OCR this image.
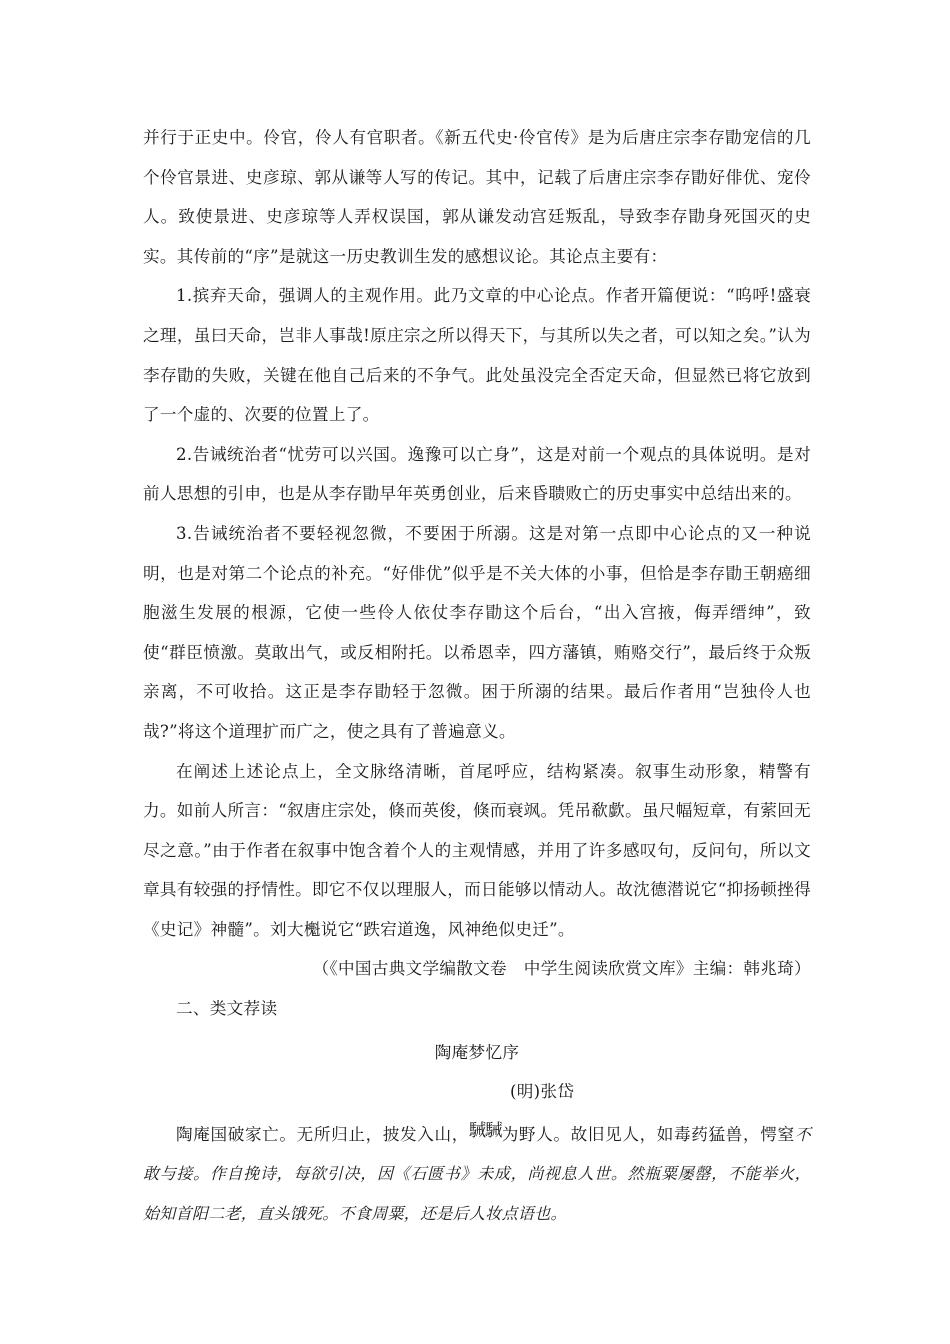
并行于正史中。伶官，伶人有官职者。《新五代史·伶官传》是为后唐庄宗李存勖宠信的几个伶官景进、史彦琼、郭从谦等人写的传记。其中，记载了后唐庄宗李存勖好俳优、宠伶人。致使景进、史彦琼等人弄权误国，郭从谦发动宫廷叛乱，导致李存勖身死国灭的史实。其传前的“序”是就这一历史教训生发的感想议论。其论点主要有：

1.摈弃天命，强调人的主观作用。此乃文章的中心论点。作者开篇便说：“呜呼!盛衰之理，虽曰天命，岂非人事哉!原庄宗之所以得天下，与其所以失之者，可以知之矣。”认为李存勖的失败，关键在他自己后来的不争气。此处虽没完全否定天命，但显然已将它放到了一个虚的、次要的位置上了。

2.告诫统治者“忧劳可以兴国。逸豫可以亡身”，这是对前一个观点的具体说明。是对前人思想的引申，也是从李存勖早年英勇创业，后来昏聩败亡的历史事实中总结出来的。

3.告诫统治者不要轻视忽微，不要困于所溺。这是对第一点即中心论点的又一种说明，也是对第二个论点的补充。“好俳优”似乎是不关大体的小事，但恰是李存勖王朝癌细胞滋生发展的根源，它使一些伶人依仗李存勖这个后台，“出入宫掖，侮弄缙绅”，致使“群臣愤激。莫敢出气，或反相附托。以希恩幸，四方藩镇，贿赂交行”，最后终于众叛亲离，不可收拾。这正是李存勖轻于忽微。困于所溺的结果。最后作者用“岂独伶人也哉?”将这个道理扩而广之，使之具有了普遍意义。

在阐述上述论点上，全文脉络清晰，首尾呼应，结构紧凑。叙事生动形象，精警有力。如前人所言：“叙唐庄宗处，倏而英俊，倏而衰飒。凭吊欷歔。虽尺幅短章，有萦回无尽之意。”由于作者在叙事中饱含着个人的主观情感，并用了许多感叹句，反问句，所以文章具有较强的抒情性。即它不仅以理服人，而日能够以情动人。故沈德潜说它“抑扬顿挫得《史记》神髓”。刘大櫆说它“跌宕道逸，风神绝似史迁”。

（《中国古典文学编散文卷　中学生阅读欣赏文库》主编：韩兆琦）

二、类文荐读

陶庵梦忆序

(明)张岱

陶庵国破家亡。无所归止，披发入山，駴駴为野人。故旧见人，如毒药猛兽，愕窒不敢与接。作自挽诗，每欲引决，因《石匮书》未成，尚视息人世。然瓶粟屡罄，不能举火，始知首阳二老，直头饿死。不食周粟，还是后人妆点语也。
